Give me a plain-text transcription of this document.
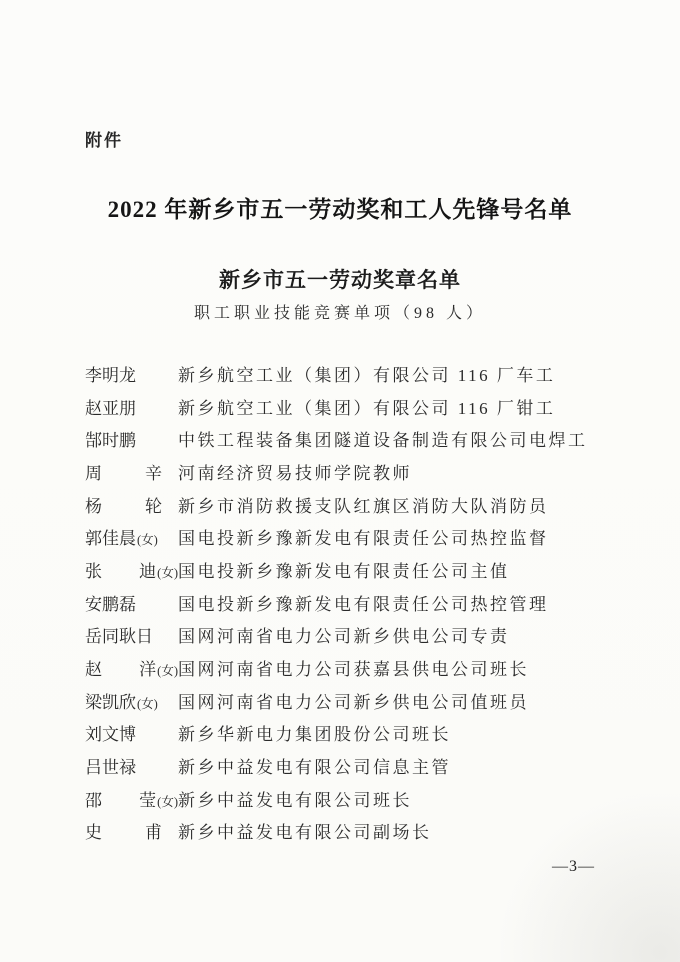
附件
2022 年新乡市五一劳动奖和工人先锋号名单
新乡市五一劳动奖章名单
职工职业技能竞赛单项（98 人）
李明龙 新乡航空工业（集团）有限公司 116 厂车工
赵亚朋 新乡航空工业（集团）有限公司 116 厂钳工
郜时鹏 中铁工程装备集团隧道设备制造有限公司电焊工
周	辛 河南经济贸易技师学院教师
杨	轮 新乡市消防救援支队红旗区消防大队消防员
郭佳晨 (女) 国电投新乡豫新发电有限责任公司热控监督
张 迪 (女) 国电投新乡豫新发电有限责任公司主值
安鹏磊 国电投新乡豫新发电有限责任公司热控管理
岳同耿日 国网河南省电力公司新乡供电公司专责
赵 洋 (女) 国网河南省电力公司获嘉县供电公司班长
梁凯欣 (女) 国网河南省电力公司新乡供电公司值班员
刘文博 新乡华新电力集团股份公司班长
吕世禄 新乡中益发电有限公司信息主管
邵 莹 (女) 新乡中益发电有限公司班长
史	甫 新乡中益发电有限公司副场长
—3—
